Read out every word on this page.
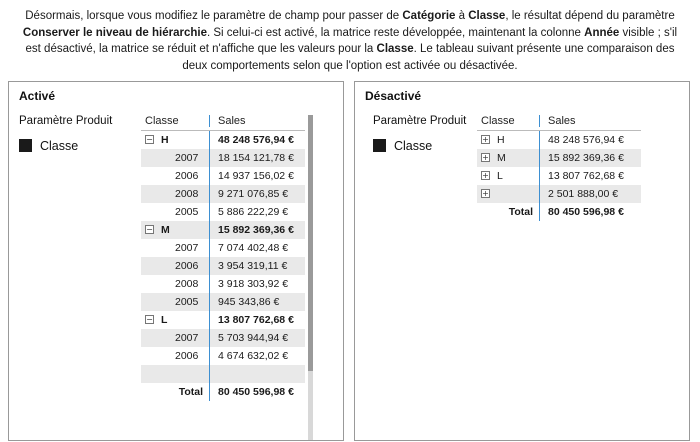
Désormais, lorsque vous modifiez le paramètre de champ pour passer de Catégorie à Classe, le résultat dépend du paramètre Conserver le niveau de hiérarchie. Si celui-ci est activé, la matrice reste développée, maintenant la colonne Année visible ; s'il est désactivé, la matrice se réduit et n'affiche que les valeurs pour la Classe. Le tableau suivant présente une comparaison des deux comportements selon que l'option est activée ou désactivée.
Activé
Paramètre Produit
Classe
Classe	Sales
− H	48 248 576,94 €
2007	18 154 121,78 €
2006	14 937 156,02 €
2008	9 271 076,85 €
2005	5 886 222,29 €
− M	15 892 369,36 €
2007	7 074 402,48 €
2006	3 954 319,11 €
2008	3 918 303,92 €
2005	945 343,86 €
− L	13 807 762,68 €
2007	5 703 944,94 €
2006	4 674 632,02 €
Total	80 450 596,98 €
Désactivé
Paramètre Produit
Classe
Classe	Sales
+ H	48 248 576,94 €
+ M	15 892 369,36 €
+ L	13 807 762,68 €
+	2 501 888,00 €
Total	80 450 596,98 €
